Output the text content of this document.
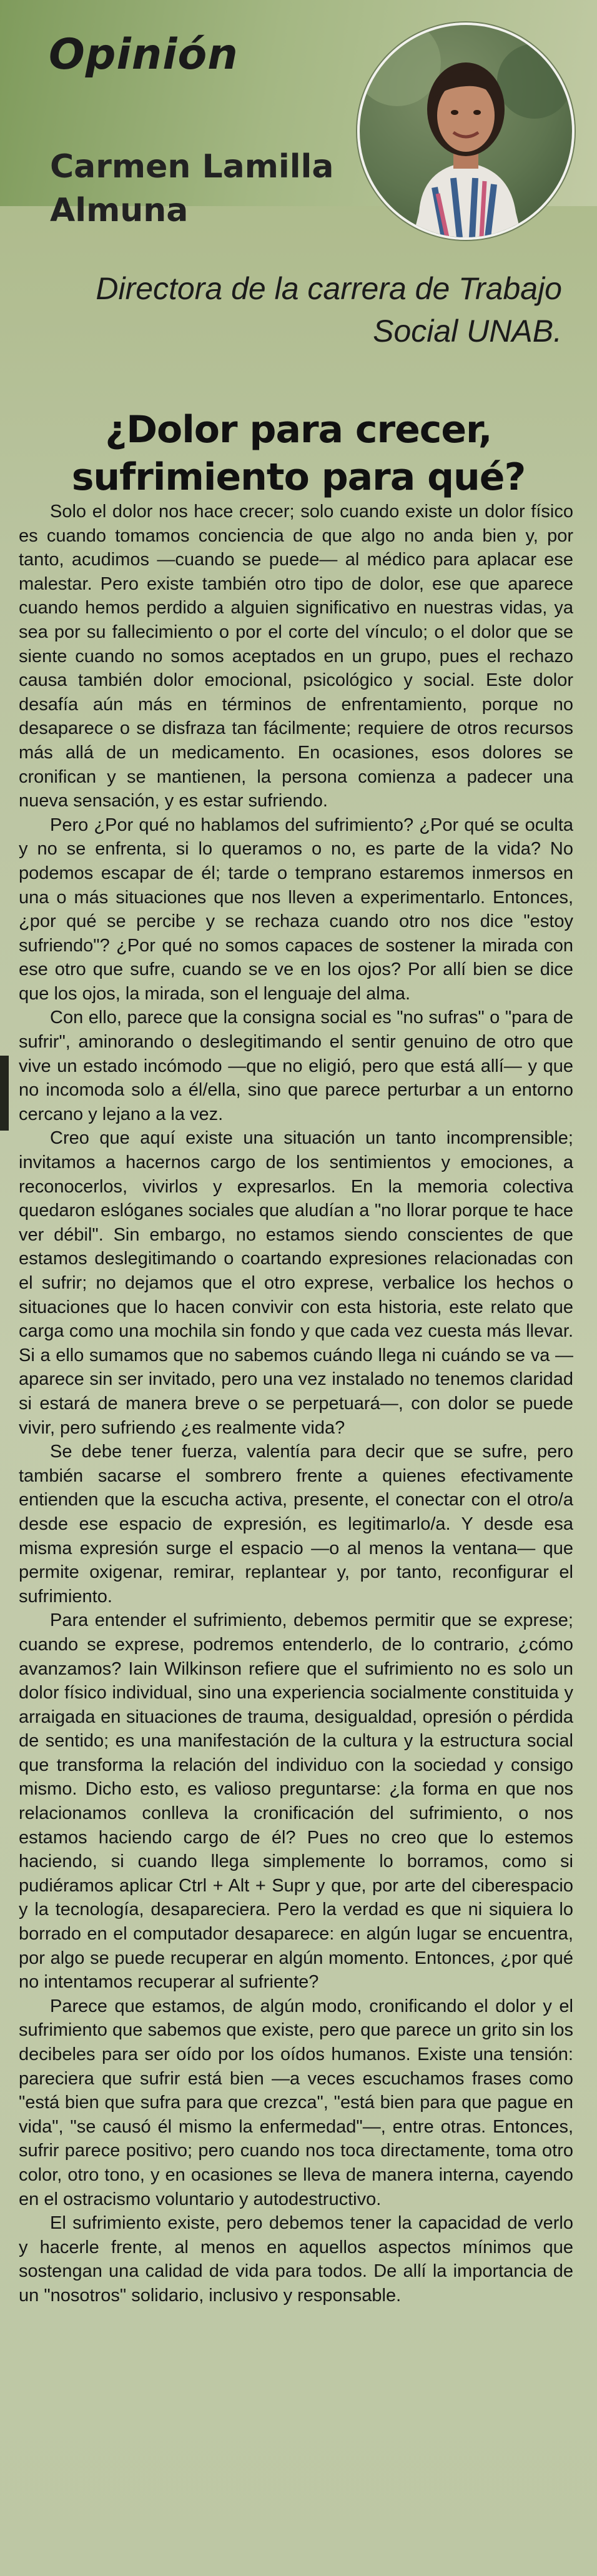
Opinión
Carmen Lamilla Almuna
Directora de la carrera de Trabajo Social UNAB.
¿Dolor para crecer, sufrimiento para qué?

Solo el dolor nos hace crecer; solo cuando existe un dolor físico es cuando tomamos conciencia de que algo no anda bien y, por tanto, acudimos —cuando se puede— al médico para aplacar ese malestar. Pero existe también otro tipo de dolor, ese que aparece cuando hemos perdido a alguien significativo en nuestras vidas, ya sea por su fallecimiento o por el corte del vínculo; o el dolor que se siente cuando no somos aceptados en un grupo, pues el rechazo causa también dolor emocional, psicológico y social. Este dolor desafía aún más en términos de enfrentamiento, porque no desaparece o se disfraza tan fácilmente; requiere de otros recursos más allá de un medicamento. En ocasiones, esos dolores se cronifican y se mantienen, la persona comienza a padecer una nueva sensación, y es estar sufriendo.

Pero ¿Por qué no hablamos del sufrimiento? ¿Por qué se oculta y no se enfrenta, si lo queramos o no, es parte de la vida? No podemos escapar de él; tarde o temprano estaremos inmersos en una o más situaciones que nos lleven a experimentarlo. Entonces, ¿por qué se percibe y se rechaza cuando otro nos dice "estoy sufriendo"? ¿Por qué no somos capaces de sostener la mirada con ese otro que sufre, cuando se ve en los ojos? Por allí bien se dice que los ojos, la mirada, son el lenguaje del alma.

Con ello, parece que la consigna social es "no sufras" o "para de sufrir", aminorando o deslegitimando el sentir genuino de otro que vive un estado incómodo —que no eligió, pero que está allí— y que no incomoda solo a él/ella, sino que parece perturbar a un entorno cercano y lejano a la vez.

Creo que aquí existe una situación un tanto incomprensible; invitamos a hacernos cargo de los sentimientos y emociones, a reconocerlos, vivirlos y expresarlos. En la memoria colectiva quedaron eslóganes sociales que aludían a "no llorar porque te hace ver débil". Sin embargo, no estamos siendo conscientes de que estamos deslegitimando o coartando expresiones relacionadas con el sufrir; no dejamos que el otro exprese, verbalice los hechos o situaciones que lo hacen convivir con esta historia, este relato que carga como una mochila sin fondo y que cada vez cuesta más llevar. Si a ello sumamos que no sabemos cuándo llega ni cuándo se va —aparece sin ser invitado, pero una vez instalado no tenemos claridad si estará de manera breve o se perpetuará—, con dolor se puede vivir, pero sufriendo ¿es realmente vida?

Se debe tener fuerza, valentía para decir que se sufre, pero también sacarse el sombrero frente a quienes efectivamente entienden que la escucha activa, presente, el conectar con el otro/a desde ese espacio de expresión, es legitimarlo/a. Y desde esa misma expresión surge el espacio —o al menos la ventana— que permite oxigenar, remirar, replantear y, por tanto, reconfigurar el sufrimiento.

Para entender el sufrimiento, debemos permitir que se exprese; cuando se exprese, podremos entenderlo, de lo contrario, ¿cómo avanzamos? Iain Wilkinson refiere que el sufrimiento no es solo un dolor físico individual, sino una experiencia socialmente constituida y arraigada en situaciones de trauma, desigualdad, opresión o pérdida de sentido; es una manifestación de la cultura y la estructura social que transforma la relación del individuo con la sociedad y consigo mismo. Dicho esto, es valioso preguntarse: ¿la forma en que nos relacionamos conlleva la cronificación del sufrimiento, o nos estamos haciendo cargo de él? Pues no creo que lo estemos haciendo, si cuando llega simplemente lo borramos, como si pudiéramos aplicar Ctrl + Alt + Supr y que, por arte del ciberespacio y la tecnología, desapareciera. Pero la verdad es que ni siquiera lo borrado en el computador desaparece: en algún lugar se encuentra, por algo se puede recuperar en algún momento. Entonces, ¿por qué no intentamos recuperar al sufriente?

Parece que estamos, de algún modo, cronificando el dolor y el sufrimiento que sabemos que existe, pero que parece un grito sin los decibeles para ser oído por los oídos humanos. Existe una tensión: pareciera que sufrir está bien —a veces escuchamos frases como "está bien que sufra para que crezca", "está bien para que pague en vida", "se causó él mismo la enfermedad"—, entre otras. Entonces, sufrir parece positivo; pero cuando nos toca directamente, toma otro color, otro tono, y en ocasiones se lleva de manera interna, cayendo en el ostracismo voluntario y autodestructivo.

El sufrimiento existe, pero debemos tener la capacidad de verlo y hacerle frente, al menos en aquellos aspectos mínimos que sostengan una calidad de vida para todos. De allí la importancia de un "nosotros" solidario, inclusivo y responsable.
